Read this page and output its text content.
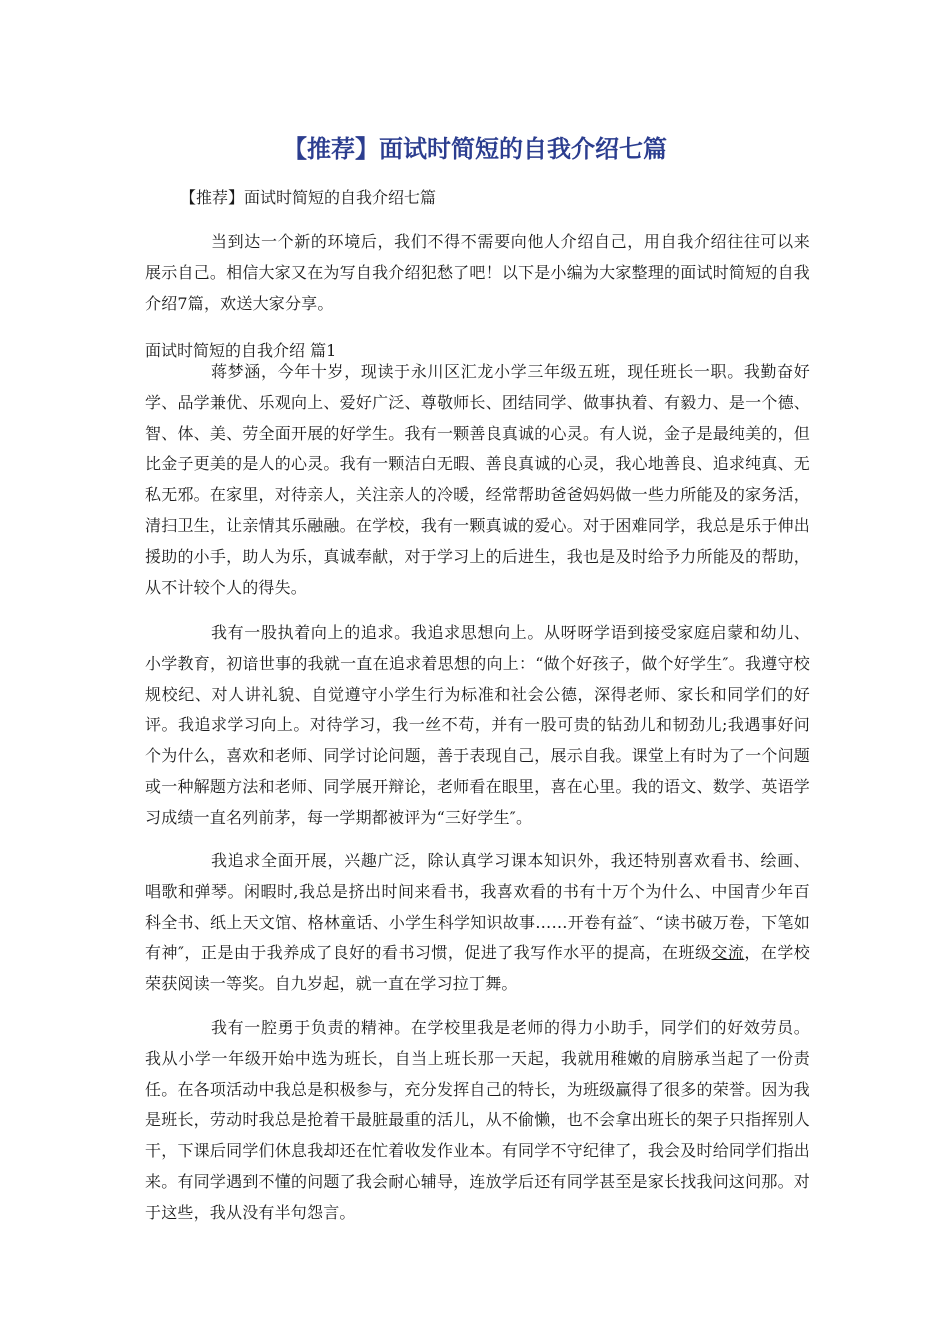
【推荐】面试时简短的自我介绍七篇

【推荐】面试时简短的自我介绍七篇

当到达一个新的环境后，我们不得不需要向他人介绍自己，用自我介绍往往可以来展示自己。相信大家又在为写自我介绍犯愁了吧！以下是小编为大家整理的面试时简短的自我介绍7篇，欢送大家分享。

面试时简短的自我介绍 篇1

蒋梦涵，今年十岁，现读于永川区汇龙小学三年级五班，现任班长一职。我勤奋好学、品学兼优、乐观向上、爱好广泛、尊敬师长、团结同学、做事执着、有毅力、是一个德、智、体、美、劳全面开展的好学生。我有一颗善良真诚的心灵。有人说，金子是最纯美的，但比金子更美的是人的心灵。我有一颗洁白无暇、善良真诚的心灵，我心地善良、追求纯真、无私无邪。在家里，对待亲人，关注亲人的冷暖，经常帮助爸爸妈妈做一些力所能及的家务活，清扫卫生，让亲情其乐融融。在学校，我有一颗真诚的爱心。对于困难同学，我总是乐于伸出援助的小手，助人为乐，真诚奉献，对于学习上的后进生，我也是及时给予力所能及的帮助，从不计较个人的得失。

我有一股执着向上的追求。我追求思想向上。从呀呀学语到接受家庭启蒙和幼儿、小学教育，初谙世事的我就一直在追求着思想的向上：“做个好孩子，做个好学生″。我遵守校规校纪、对人讲礼貌、自觉遵守小学生行为标准和社会公德，深得老师、家长和同学们的好评。我追求学习向上。对待学习，我一丝不苟，并有一股可贵的钻劲儿和韧劲儿;我遇事好问个为什么，喜欢和老师、同学讨论问题，善于表现自己，展示自我。课堂上有时为了一个问题或一种解题方法和老师、同学展开辩论，老师看在眼里，喜在心里。我的语文、数学、英语学习成绩一直名列前茅，每一学期都被评为“三好学生″。

我追求全面开展，兴趣广泛，除认真学习课本知识外，我还特别喜欢看书、绘画、唱歌和弹琴。闲暇时,我总是挤出时间来看书，我喜欢看的书有十万个为什么、中国青少年百科全书、纸上天文馆、格林童话、小学生科学知识故事……开卷有益″、“读书破万卷，下笔如有神″，正是由于我养成了良好的看书习惯，促进了我写作水平的提高，在班级交流，在学校荣获阅读一等奖。自九岁起，就一直在学习拉丁舞。

我有一腔勇于负责的精神。在学校里我是老师的得力小助手，同学们的好效劳员。我从小学一年级开始中选为班长，自当上班长那一天起，我就用稚嫩的肩膀承当起了一份责任。在各项活动中我总是积极参与，充分发挥自己的特长，为班级赢得了很多的荣誉。因为我是班长，劳动时我总是抢着干最脏最重的活儿，从不偷懒，也不会拿出班长的架子只指挥别人干，下课后同学们休息我却还在忙着收发作业本。有同学不守纪律了，我会及时给同学们指出来。有同学遇到不懂的问题了我会耐心辅导，连放学后还有同学甚至是家长找我问这问那。对于这些，我从没有半句怨言。
